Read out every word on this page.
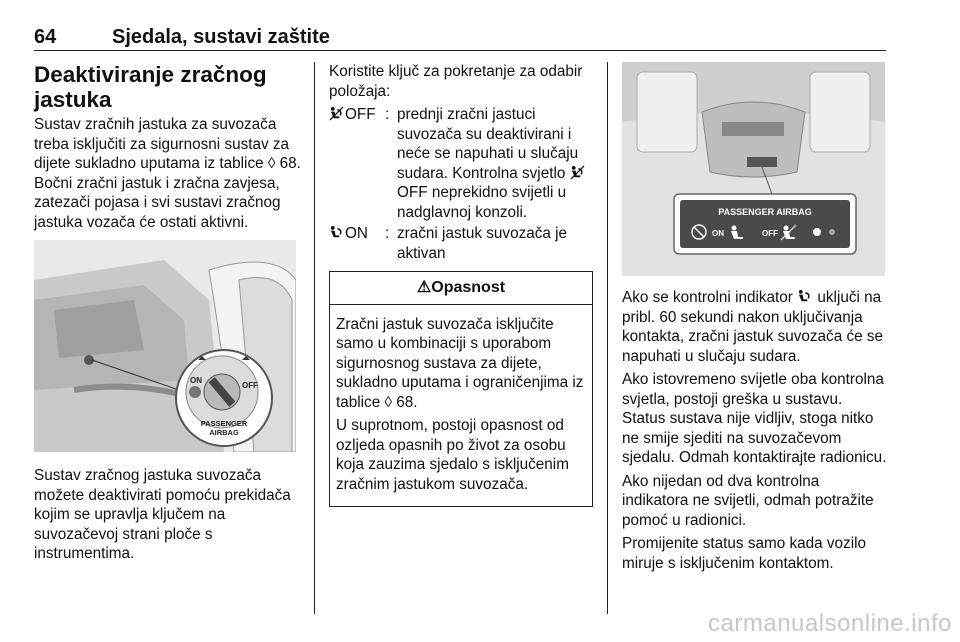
64	Sjedala, sustavi zaštite
Deaktiviranje zračnog jastuka

Sustav zračnih jastuka za suvozača treba isključiti za sigurnosni sustav za dijete sukladno uputama iz tablice ◊ 68. Bočni zračni jastuk i zračna zavjesa, zatezači pojasa i svi sustavi zračnog jastuka vozača će ostati aktivni.

ON
OFF
PASSENGER
AIRBAG

Sustav zračnog jastuka suvozača možete deaktivirati pomoću prekidača kojim se upravlja ključem na suvozačevoj strani ploče s instrumentima.

Koristite ključ za pokretanje za odabir položaja:

OFF : prednji zračni jastuci suvozača su deaktivirani i neće se napuhati u slučaju sudara. Kontrolna svjetlo OFF neprekidno svijetli u nadglavnoj konzoli.
ON	: zračni jastuk suvozača je aktivan
⚠Opasnost

Zračni jastuk suvozača isključite samo u kombinaciji s uporabom sigurnosnog sustava za dijete, sukladno uputama i ograničenjima iz tablice ◊ 68.

U suprotnom, postoji opasnost od ozljeda opasnih po život za osobu koja zauzima sjedalo s isključenim zračnim jastukom suvozača.

PASSENGER AIRBAG
ON	OFF

Ako se kontrolni indikator  uključi na pribl. 60 sekundi nakon uključivanja kontakta, zračni jastuk suvozača će se napuhati u slučaju sudara.

Ako istovremeno svijetle oba kontrolna svjetla, postoji greška u sustavu. Status sustava nije vidljiv, stoga nitko ne smije sjediti na suvozačevom sjedalu. Odmah kontaktirajte radionicu.

Ako nijedan od dva kontrolna indikatora ne svijetli, odmah potražite pomoć u radionici.

Promijenite status samo kada vozilo miruje s isključenim kontaktom.

carmanualsonline.info
